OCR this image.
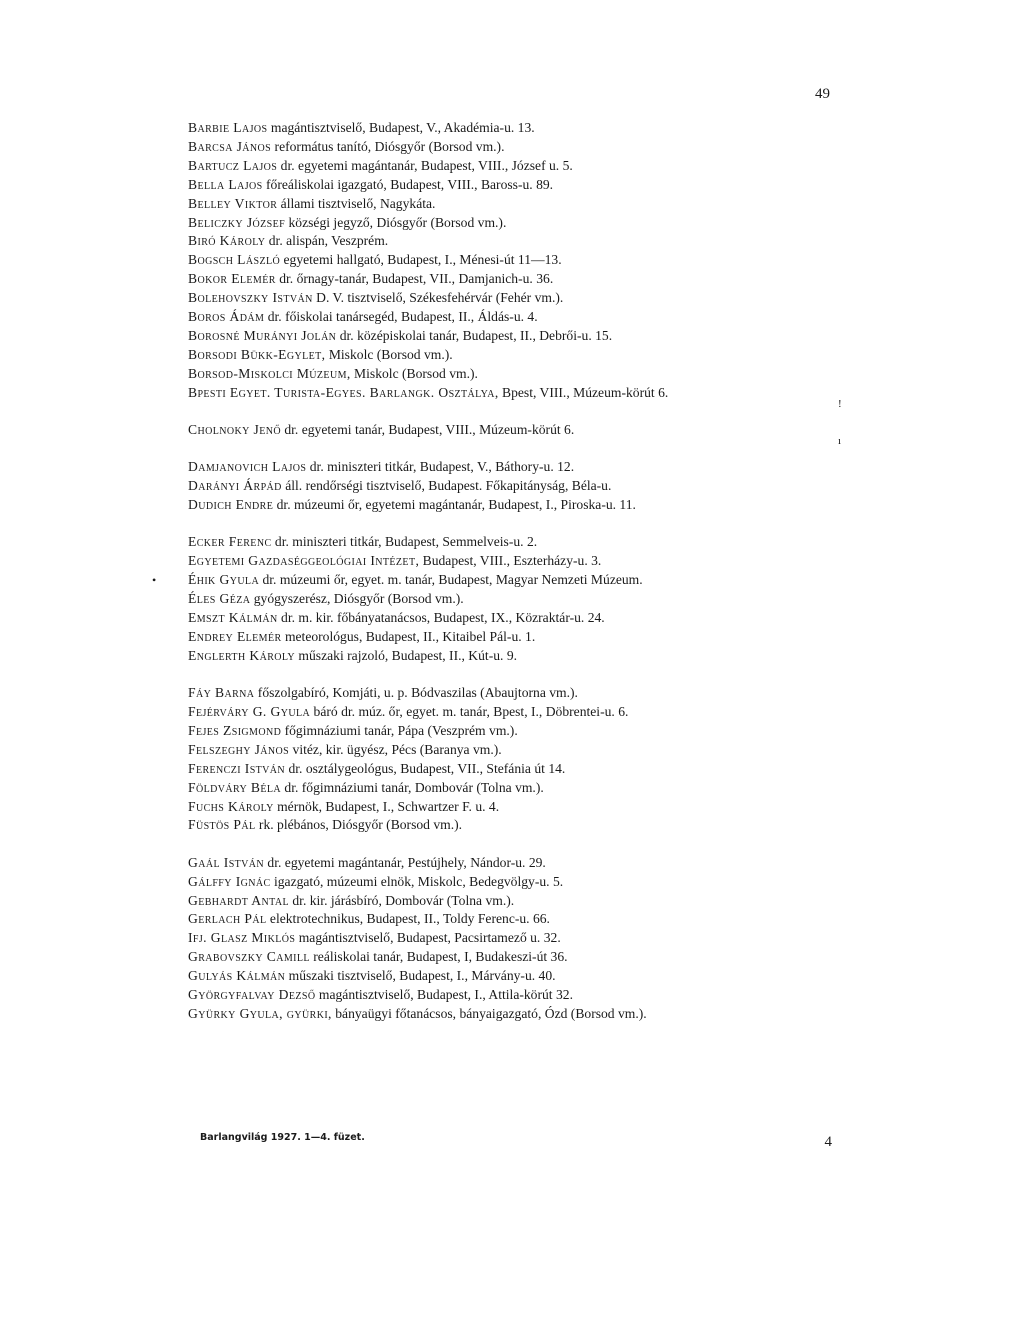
49
Barbie Lajos magántisztviselő, Budapest, V., Akadémia-u. 13.
Barcsa János református tanító, Diósgyőr (Borsod vm.).
Bartucz Lajos dr. egyetemi magántanár, Budapest, VIII., József u. 5.
Bella Lajos főreáliskolai igazgató, Budapest, VIII., Baross-u. 89.
Belley Viktor állami tisztviselő, Nagykáta.
Beliczky József községi jegyző, Diósgyőr (Borsod vm.).
Biró Károly dr. alispán, Veszprém.
Bogsch László egyetemi hallgató, Budapest, I., Ménesi-út 11—13.
Bokor Elemér dr. őrnagy-tanár, Budapest, VII., Damjanich-u. 36.
Bolehovszky István D. V. tisztviselő, Székesfehérvár (Fehér vm.).
Boros Ádám dr. főiskolai tanársegéd, Budapest, II., Áldás-u. 4.
Borosné Murányi Jolán dr. középiskolai tanár, Budapest, II., Debrői-u. 15.
Borsodi Bükk-Egylet, Miskolc (Borsod vm.).
Borsod-Miskolci Múzeum, Miskolc (Borsod vm.).
Bpesti Egyet. Turista-Egyes. Barlangk. Osztálya, Bpest, VIII., Múzeum-körút 6.
!
Cholnoky Jenő dr. egyetemi tanár, Budapest, VIII., Múzeum-körút 6.
ı
Damjanovich Lajos dr. miniszteri titkár, Budapest, V., Báthory-u. 12.
Darányi Árpád áll. rendőrségi tisztviselő, Budapest. Főkapitányság, Béla-u.
Dudich Endre dr. múzeumi őr, egyetemi magántanár, Budapest, I., Piroska-u. 11.
Ecker Ferenc dr. miniszteri titkár, Budapest, Semmelveis-u. 2.
Egyetemi Gazdaséggeológiai Intézet, Budapest, VIII., Eszterházy-u. 3.
• Éhik Gyula dr. múzeumi őr, egyet. m. tanár, Budapest, Magyar Nemzeti Múzeum.
Éles Géza gyógyszerész, Diósgyőr (Borsod vm.).
Emszt Kálmán dr. m. kir. főbányatanácsos, Budapest, IX., Közraktár-u. 24.
Endrey Elemér meteorológus, Budapest, II., Kitaibel Pál-u. 1.
Englerth Károly műszaki rajzoló, Budapest, II., Kút-u. 9.
Fáy Barna főszolgabíró, Komjáti, u. p. Bódvaszilas (Abaujtorna vm.).
Fejérváry G. Gyula báró dr. múz. őr, egyet. m. tanár, Bpest, I., Döbrentei-u. 6.
Fejes Zsigmond főgimnáziumi tanár, Pápa (Veszprém vm.).
Felszeghy János vitéz, kir. ügyész, Pécs (Baranya vm.).
Ferenczi István dr. osztálygeológus, Budapest, VII., Stefánia út 14.
Földváry Béla dr. főgimnáziumi tanár, Dombovár (Tolna vm.).
Fuchs Károly mérnök, Budapest, I., Schwartzer F. u. 4.
Füstös Pál rk. plébános, Diósgyőr (Borsod vm.).
Gaál István dr. egyetemi magántanár, Pestújhely, Nándor-u. 29.
Gálffy Ignác igazgató, múzeumi elnök, Miskolc, Bedegvölgy-u. 5.
Gebhardt Antal dr. kir. járásbíró, Dombovár (Tolna vm.).
Gerlach Pál elektrotechnikus, Budapest, II., Toldy Ferenc-u. 66.
Ifj. Glasz Miklós magántisztviselő, Budapest, Pacsirtamező u. 32.
Grabovszky Camill reáliskolai tanár, Budapest, I, Budakeszi-út 36.
Gulyás Kálmán műszaki tisztviselő, Budapest, I., Márvány-u. 40.
Györgyfalvay Dezső magántisztviselő, Budapest, I., Attila-körút 32.
Gyürky Gyula, gyürki, bányaügyi főtanácsos, bányaigazgató, Ózd (Borsod vm.).
Barlangvilág 1927. 1—4. füzet.	4
